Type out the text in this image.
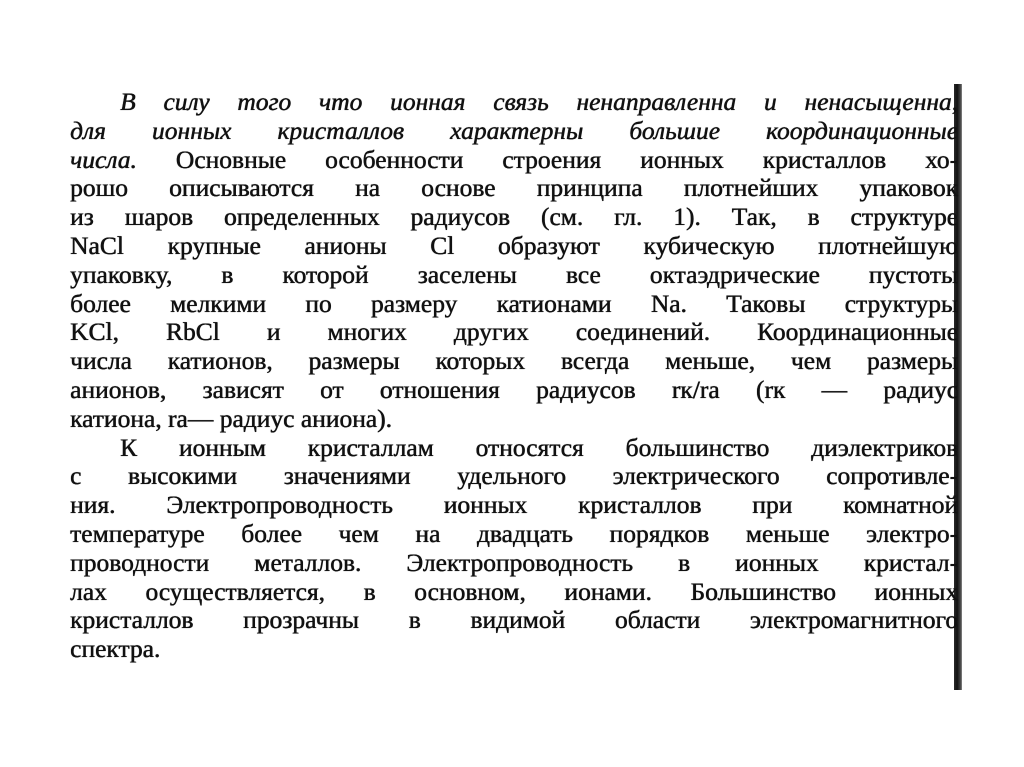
В силу того что ионная связь ненаправленна и ненасыщенна,
для ионных кристаллов характерны большие координационные
числа. Основные особенности строения ионных кристаллов хо-
рошо описываются на основе принципа плотнейших упаковок
из шаров определенных радиусов (см. гл. 1). Так, в структуре
NaCl крупные анионы Cl образуют кубическую плотнейшую
упаковку, в которой заселены все октаэдрические пустоты
более мелкими по размеру катионами Na. Таковы структуры
KCl, RbCl и многих других соединений. Координационные
числа катионов, размеры которых всегда меньше, чем размеры
анионов, зависят от отношения радиусов rк/rа (rк — радиус
катиона, rа— радиус аниона).
К ионным кристаллам относятся большинство диэлектриков
с высокими значениями удельного электрического сопротивле-
ния. Электропроводность ионных кристаллов при комнатной
температуре более чем на двадцать порядков меньше электро-
проводности металлов. Электропроводность в ионных кристал-
лах осуществляется, в основном, ионами. Большинство ионных
кристаллов прозрачны в видимой области электромагнитного
спектра.
